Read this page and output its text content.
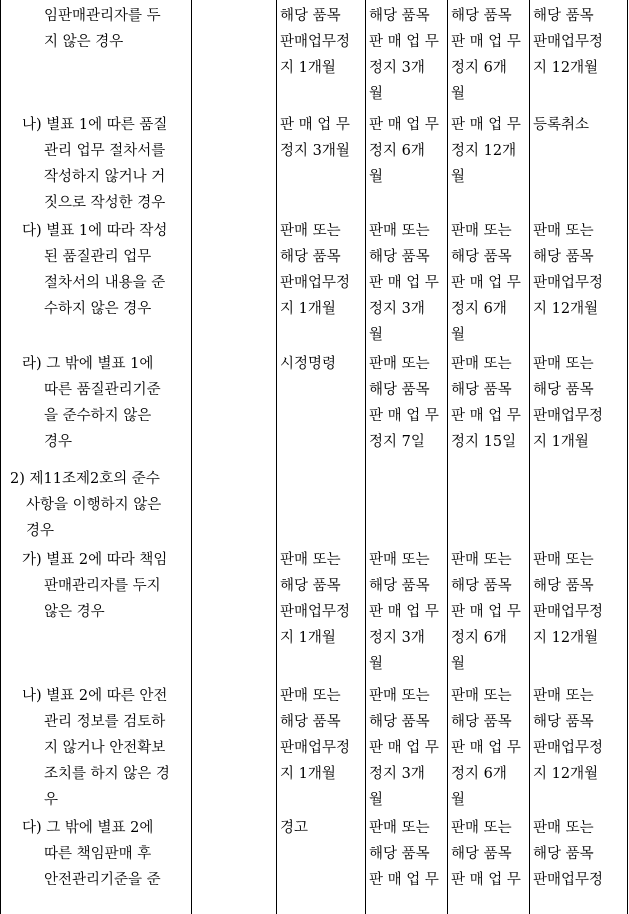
임판매관리자를 두
지 않은 경우
해당 품목
판매업무정
지 1개월
해당 품목
판 매 업 무
정지 3개
월
해당 품목
판 매 업 무
정지 6개
월
해당 품목
판매업무정
지 12개월
나) 별표 1에 따른 품질
관리 업무 절차서를
작성하지 않거나 거
짓으로 작성한 경우
판 매 업 무
정지 3개월
판 매 업 무
정지 6개
월
판 매 업 무
정지 12개
월
등록취소
다) 별표 1에 따라 작성
된 품질관리 업무
절차서의 내용을 준
수하지 않은 경우
판매 또는
해당 품목
판매업무정
지 1개월
판매 또는
해당 품목
판 매 업 무
정지 3개
월
판매 또는
해당 품목
판 매 업 무
정지 6개
월
판매 또는
해당 품목
판매업무정
지 12개월
라) 그 밖에 별표 1에
따른 품질관리기준
을 준수하지 않은
경우
시정명령	판매 또는
해당 품목
판 매 업 무
정지 7일
판매 또는
해당 품목
판 매 업 무
정지 15일
판매 또는
해당 품목
판매업무정
지 1개월
2) 제11조제2호의 준수
사항을 이행하지 않은
경우
가) 별표 2에 따라 책임
판매관리자를 두지
않은 경우
판매 또는
해당 품목
판매업무정
지 1개월
판매 또는
해당 품목
판 매 업 무
정지 3개
월
판매 또는
해당 품목
판 매 업 무
정지 6개
월
판매 또는
해당 품목
판매업무정
지 12개월
나) 별표 2에 따른 안전
관리 정보를 검토하
지 않거나 안전확보
조치를 하지 않은 경
우
판매 또는
해당 품목
판매업무정
지 1개월
판매 또는
해당 품목
판 매 업 무
정지 3개
월
판매 또는
해당 품목
판 매 업 무
정지 6개
월
판매 또는
해당 품목
판매업무정
지 12개월
다) 그 밖에 별표 2에
따른 책임판매 후
안전관리기준을 준
경고	판매 또는
해당 품목
판 매 업 무
판매 또는
해당 품목
판 매 업 무
판매 또는
해당 품목
판매업무정
